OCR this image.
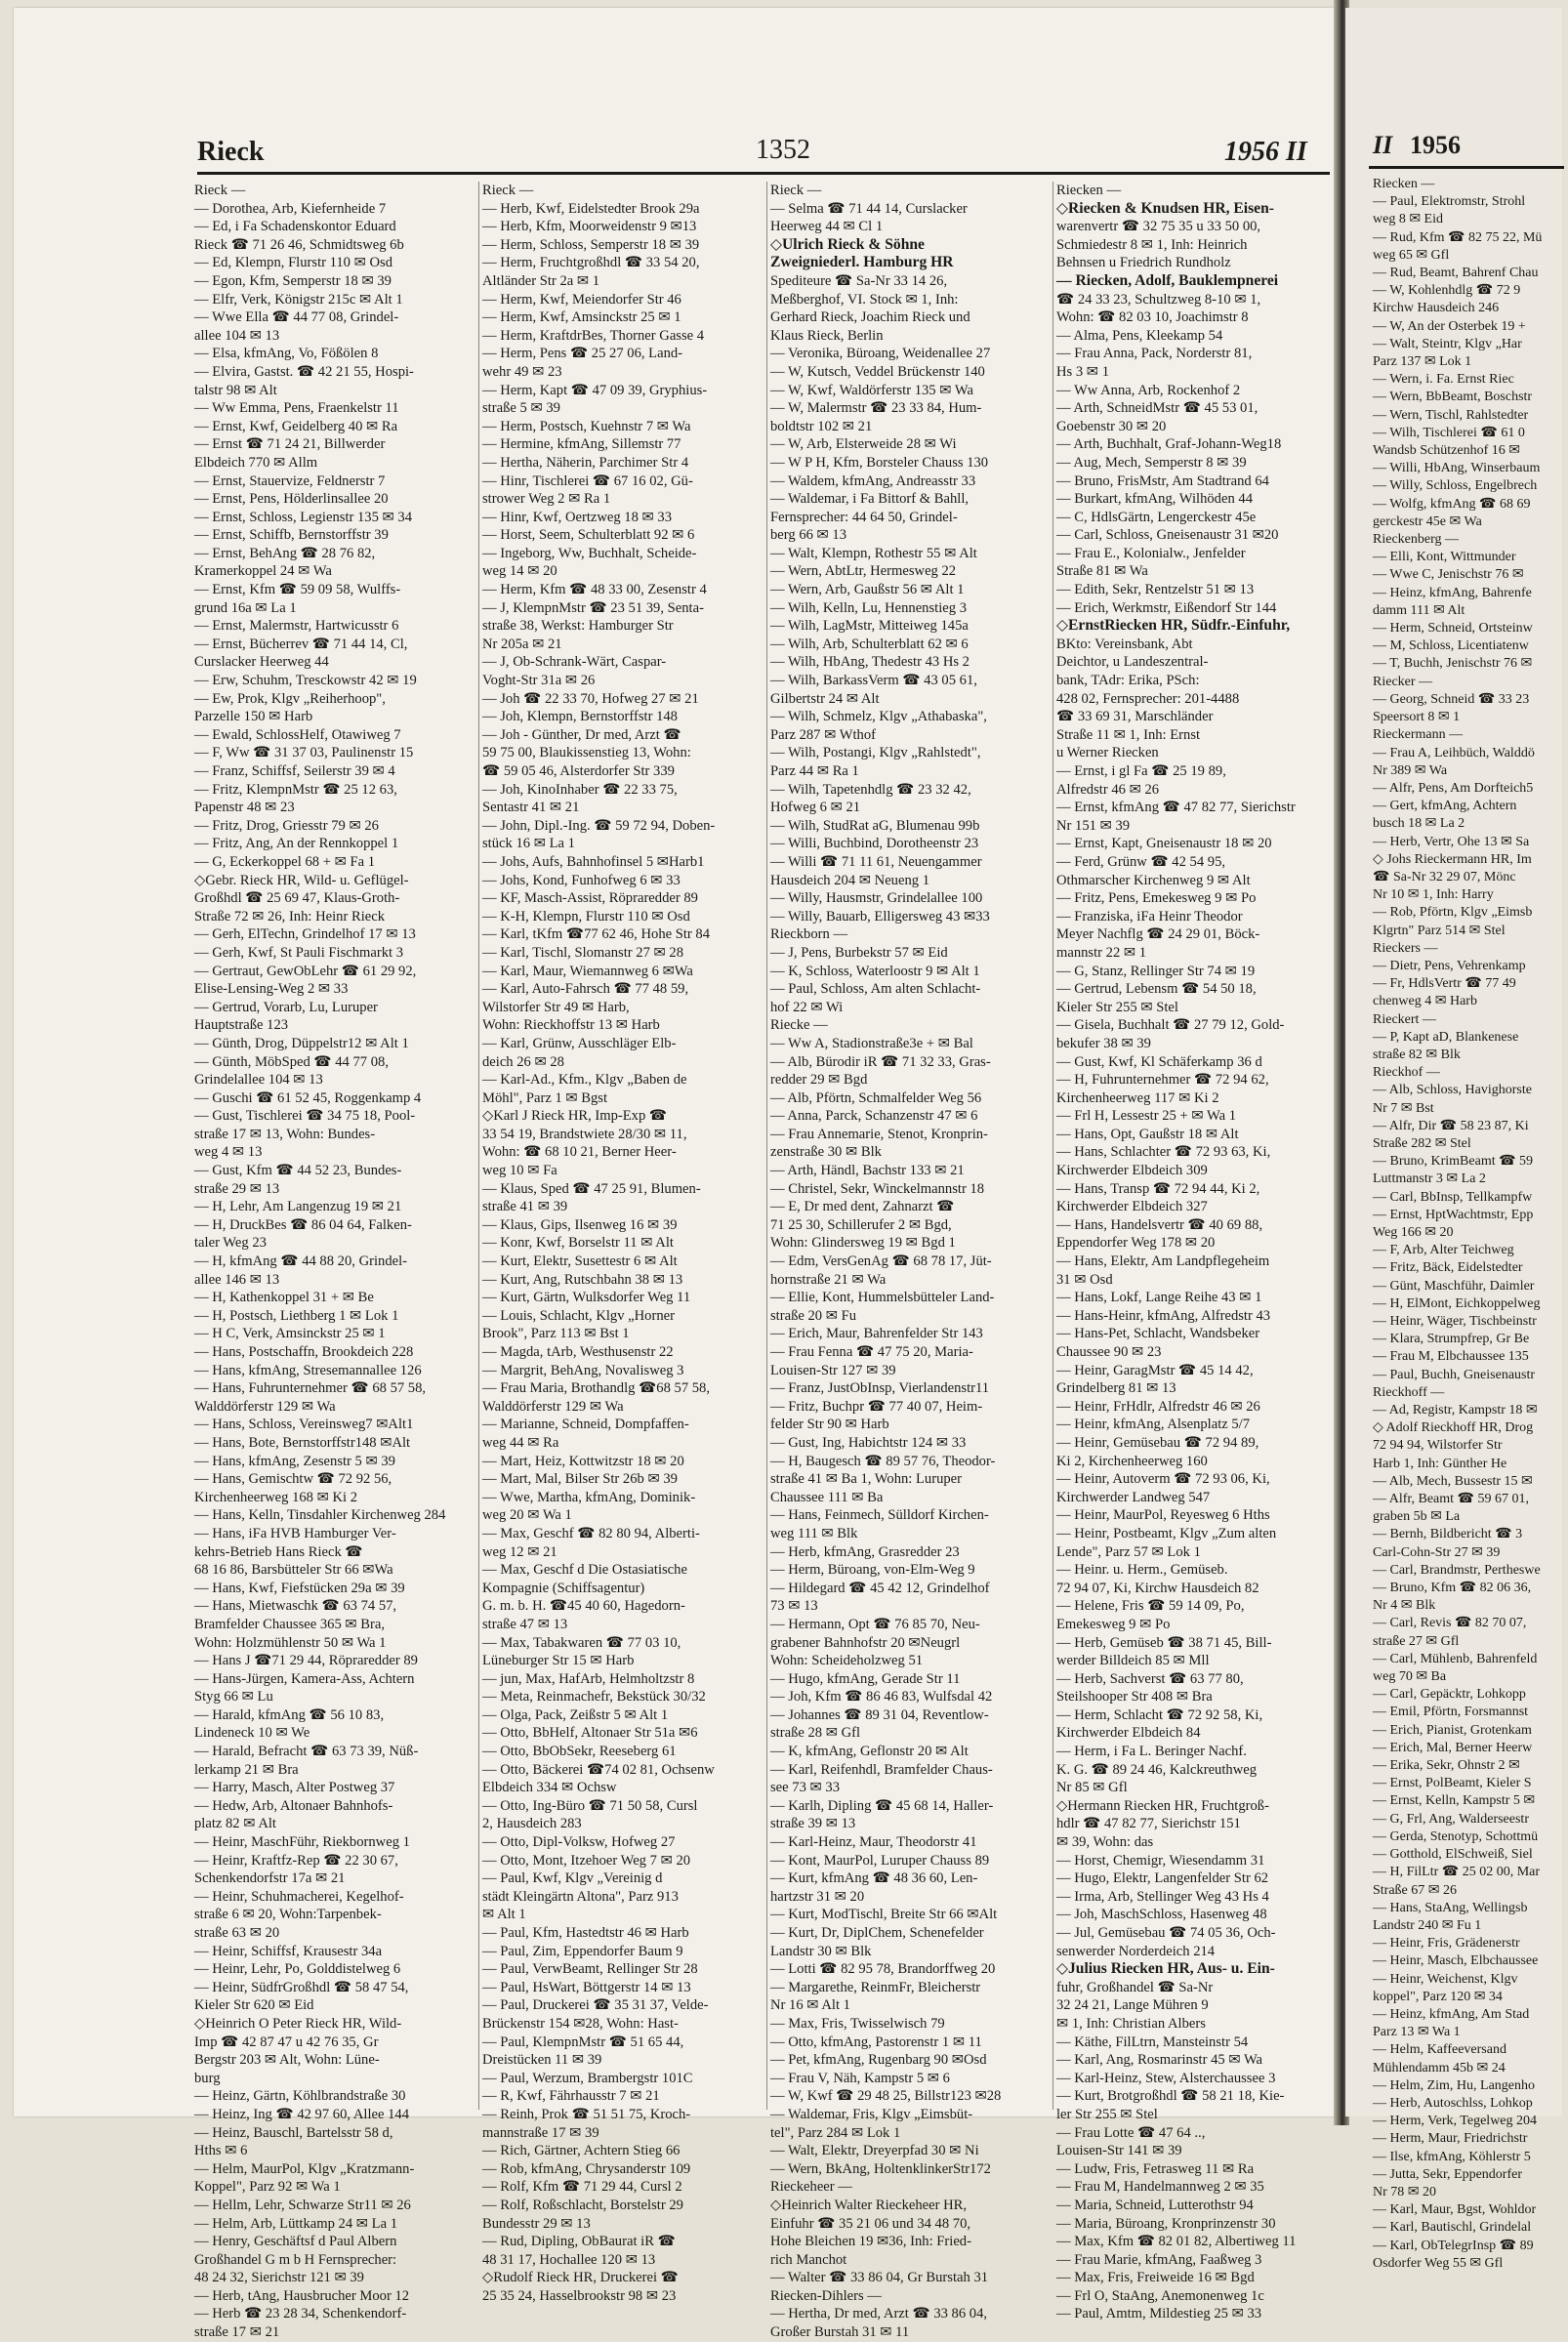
Rieck	1352	1956 II
Rieck —
— Dorothea, Arb, Kiefernheide 7
— Ed, i Fa Schadenskontor Eduard
Rieck ☎ 71 26 46, Schmidtsweg 6b
— Ed, Klempn, Flurstr 110 ✉ Osd
— Egon, Kfm, Semperstr 18 ✉ 39
— Elfr, Verk, Königstr 215c ✉ Alt 1
— Wwe Ella ☎ 44 77 08, Grindel-
allee 104 ✉ 13
— Elsa, kfmAng, Vo, Fößölen 8
— Elvira, Gastst. ☎ 42 21 55, Hospi-
talstr 98 ✉ Alt
— Ww Emma, Pens, Fraenkelstr 11
— Ernst, Kwf, Geidelberg 40 ✉ Ra
— Ernst ☎ 71 24 21, Billwerder
Elbdeich 770 ✉ Allm
— Ernst, Stauervize, Feldnerstr 7
— Ernst, Pens, Hölderlinsallee 20
— Ernst, Schloss, Legienstr 135 ✉ 34
— Ernst, Schiffb, Bernstorffstr 39
— Ernst, BehAng ☎ 28 76 82,
Kramerkoppel 24 ✉ Wa
— Ernst, Kfm ☎ 59 09 58, Wulffs-
grund 16a ✉ La 1
— Ernst, Malermstr, Hartwicusstr 6
— Ernst, Bücherrev ☎ 71 44 14, Cl,
Curslacker Heerweg 44
— Erw, Schuhm, Tresckowstr 42 ✉ 19
— Ew, Prok, Klgv „Reiherhoop",
Parzelle 150 ✉ Harb
— Ewald, SchlossHelf, Otawiweg 7
— F, Ww ☎ 31 37 03, Paulinenstr 15
— Franz, Schiffsf, Seilerstr 39 ✉ 4
— Fritz, KlempnMstr ☎ 25 12 63,
Papenstr 48 ✉ 23
— Fritz, Drog, Griesstr 79 ✉ 26
— Fritz, Ang, An der Rennkoppel 1
— G, Eckerkoppel 68 + ✉ Fa 1
◇ Gebr. Rieck HR, Wild- u. Geflügel-
Großhdl ☎ 25 69 47, Klaus-Groth-
Straße 72 ✉ 26, Inh: Heinr Rieck
— Gerh, ElTechn, Grindelhof 17 ✉ 13
— Gerh, Kwf, St Pauli Fischmarkt 3
— Gertraut, GewObLehr ☎ 61 29 92,
Elise-Lensing-Weg 2 ✉ 33
— Gertrud, Vorarb, Lu, Luruper
Hauptstraße 123
— Günth, Drog, Düppelstr12 ✉ Alt 1
— Günth, MöbSped ☎ 44 77 08,
Grindelallee 104 ✉ 13
— Guschi ☎ 61 52 45, Roggenkamp 4
— Gust, Tischlerei ☎ 34 75 18, Pool-
straße 17 ✉ 13, Wohn: Bundes-
weg 4 ✉ 13
— Gust, Kfm ☎ 44 52 23, Bundes-
straße 29 ✉ 13
— H, Lehr, Am Langenzug 19 ✉ 21
— H, DruckBes ☎ 86 04 64, Falken-
taler Weg 23
— H, kfmAng ☎ 44 88 20, Grindel-
allee 146 ✉ 13
— H, Kathenkoppel 31 + ✉ Be
— H, Postsch, Liethberg 1 ✉ Lok 1
— H C, Verk, Amsinckstr 25 ✉ 1
— Hans, Postschaffn, Brookdeich 228
— Hans, kfmAng, Stresemannallee 126
— Hans, Fuhrunternehmer ☎ 68 57 58,
Walddörferstr 129 ✉ Wa
— Hans, Schloss, Vereinsweg7 ✉Alt1
— Hans, Bote, Bernstorffstr148 ✉Alt
— Hans, kfmAng, Zesenstr 5 ✉ 39
— Hans, Gemischtw ☎ 72 92 56,
Kirchenheerweg 168 ✉ Ki 2
— Hans, Kelln, Tinsdahler Kirchenweg 284
— Hans, iFa HVB Hamburger Ver-
kehrs-Betrieb Hans Rieck ☎
68 16 86, Barsbütteler Str 66 ✉Wa
— Hans, Kwf, Fiefstücken 29a ✉ 39
— Hans, Mietwaschk ☎ 63 74 57,
Bramfelder Chaussee 365 ✉ Bra,
Wohn: Holzmühlenstr 50 ✉ Wa 1
— Hans J ☎71 29 44, Röpraredder 89
— Hans-Jürgen, Kamera-Ass, Achtern
Styg 66 ✉ Lu
— Harald, kfmAng ☎ 56 10 83,
Lindeneck 10 ✉ We
— Harald, Befracht ☎ 63 73 39, Nüß-
lerkamp 21 ✉ Bra
— Harry, Masch, Alter Postweg 37
— Hedw, Arb, Altonaer Bahnhofs-
platz 82 ✉ Alt
— Heinr, MaschFühr, Riekbornweg 1
— Heinr, Kraftfz-Rep ☎ 22 30 67,
Schenkendorfstr 17a ✉ 21
— Heinr, Schuhmacherei, Kegelhof-
straße 6 ✉ 20, Wohn:Tarpenbek-
straße 63 ✉ 20
— Heinr, Schiffsf, Krausestr 34a
— Heinr, Lehr, Po, Golddistelweg 6
— Heinr, SüdfrGroßhdl ☎ 58 47 54,
Kieler Str 620 ✉ Eid
◇ Heinrich O Peter Rieck HR, Wild-
Imp ☎ 42 87 47 u 42 76 35, Gr
Bergstr 203 ✉ Alt, Wohn: Lüne-
burg
— Heinz, Gärtn, Köhlbrandstraße 30
— Heinz, Ing ☎ 42 97 60, Allee 144
— Heinz, Bauschl, Bartelsstr 58 d,
Hths ✉ 6
— Helm, MaurPol, Klgv „Kratzmann-
Koppel", Parz 92 ✉ Wa 1
— Hellm, Lehr, Schwarze Str11 ✉ 26
— Helm, Arb, Lüttkamp 24 ✉ La 1
— Henry, Geschäftsf d Paul Albern
Großhandel G m b H Fernsprecher:
48 24 32, Sierichstr 121 ✉ 39
— Herb, tAng, Hausbrucher Moor 12
— Herb ☎ 23 28 34, Schenkendorf-
straße 17 ✉ 21
Rieck —
— Herb, Kwf, Eidelstedter Brook 29a
— Herb, Kfm, Moorweidenstr 9 ✉13
— Herm, Schloss, Semperstr 18 ✉ 39
— Herm, Fruchtgroßhdl ☎ 33 54 20,
Altländer Str 2a ✉ 1
— Herm, Kwf, Meiendorfer Str 46
— Herm, Kwf, Amsinckstr 25 ✉ 1
— Herm, KraftdrBes, Thorner Gasse 4
— Herm, Pens ☎ 25 27 06, Land-
wehr 49 ✉ 23
— Herm, Kapt ☎ 47 09 39, Gryphius-
straße 5 ✉ 39
— Herm, Postsch, Kuehnstr 7 ✉ Wa
— Hermine, kfmAng, Sillemstr 77
— Hertha, Näherin, Parchimer Str 4
— Hinr, Tischlerei ☎ 67 16 02, Gü-
strower Weg 2 ✉ Ra 1
— Hinr, Kwf, Oertzweg 18 ✉ 33
— Horst, Seem, Schulterblatt 92 ✉ 6
— Ingeborg, Ww, Buchhalt, Scheide-
weg 14 ✉ 20
— Herm, Kfm ☎ 48 33 00, Zesenstr 4
— J, KlempnMstr ☎ 23 51 39, Senta-
straße 38, Werkst: Hamburger Str
Nr 205a ✉ 21
— J, Ob-Schrank-Wärt, Caspar-
Voght-Str 31a ✉ 26
— Joh ☎ 22 33 70, Hofweg 27 ✉ 21
— Joh, Klempn, Bernstorffstr 148
— Joh - Günther, Dr med, Arzt ☎
59 75 00, Blaukissenstieg 13, Wohn:
☎ 59 05 46, Alsterdorfer Str 339
— Joh, KinoInhaber ☎ 22 33 75,
Sentastr 41 ✉ 21
— John, Dipl.-Ing. ☎ 59 72 94, Doben-
stück 16 ✉ La 1
— Johs, Aufs, Bahnhofinsel 5 ✉Harb1
— Johs, Kond, Funhofweg 6 ✉ 33
— KF, Masch-Assist, Röpraredder 89
— K-H, Klempn, Flurstr 110 ✉ Osd
— Karl, tKfm ☎77 62 46, Hohe Str 84
— Karl, Tischl, Slomanstr 27 ✉ 28
— Karl, Maur, Wiemannweg 6 ✉Wa
— Karl, Auto-Fahrsch ☎ 77 48 59,
Wilstorfer Str 49 ✉ Harb,
Wohn: Rieckhoffstr 13 ✉ Harb
— Karl, Grünw, Ausschläger Elb-
deich 26 ✉ 28
— Karl-Ad., Kfm., Klgv „Baben de
Möhl", Parz 1 ✉ Bgst
◇ Karl J Rieck HR, Imp-Exp ☎
33 54 19, Brandstwiete 28/30 ✉ 11,
Wohn: ☎ 68 10 21, Berner Heer-
weg 10 ✉ Fa
— Klaus, Sped ☎ 47 25 91, Blumen-
straße 41 ✉ 39
— Klaus, Gips, Ilsenweg 16 ✉ 39
— Konr, Kwf, Borselstr 11 ✉ Alt
— Kurt, Elektr, Susettestr 6 ✉ Alt
— Kurt, Ang, Rutschbahn 38 ✉ 13
— Kurt, Gärtn, Wulksdorfer Weg 11
— Louis, Schlacht, Klgv „Horner
Brook", Parz 113 ✉ Bst 1
— Magda, tArb, Westhusenstr 22
— Margrit, BehAng, Novalisweg 3
— Frau Maria, Brothandlg ☎68 57 58,
Walddörferstr 129 ✉ Wa
— Marianne, Schneid, Dompfaffen-
weg 44 ✉ Ra
— Mart, Heiz, Kottwitzstr 18 ✉ 20
— Mart, Mal, Bilser Str 26b ✉ 39
— Wwe, Martha, kfmAng, Dominik-
weg 20 ✉ Wa 1
— Max, Geschf ☎ 82 80 94, Alberti-
weg 12 ✉ 21
— Max, Geschf d Die Ostasiatische
Kompagnie (Schiffsagentur)
G. m. b. H. ☎45 40 60, Hagedorn-
straße 47 ✉ 13
— Max, Tabakwaren ☎ 77 03 10,
Lüneburger Str 15 ✉ Harb
— jun, Max, HafArb, Helmholtzstr 8
— Meta, Reinmachefr, Bekstück 30/32
— Olga, Pack, Zeißstr 5 ✉ Alt 1
— Otto, BbHelf, Altonaer Str 51a ✉6
— Otto, BbObSekr, Reeseberg 61
— Otto, Bäckerei ☎74 02 81, Ochsenw
Elbdeich 334 ✉ Ochsw
— Otto, Ing-Büro ☎ 71 50 58, Cursl
2, Hausdeich 283
— Otto, Dipl-Volksw, Hofweg 27
— Otto, Mont, Itzehoer Weg 7 ✉ 20
— Paul, Kwf, Klgv „Vereinig d
städt Kleingärtn Altona", Parz 913
✉ Alt 1
— Paul, Kfm, Hastedtstr 46 ✉ Harb
— Paul, Zim, Eppendorfer Baum 9
— Paul, VerwBeamt, Rellinger Str 28
— Paul, HsWart, Böttgerstr 14 ✉ 13
— Paul, Druckerei ☎ 35 31 37, Velde-
Brückenstr 154 ✉28, Wohn: Hast-
— Paul, KlempnMstr ☎ 51 65 44,
Dreistücken 11 ✉ 39
— Paul, Werzum, Brambergstr 101C
— R, Kwf, Fährhausstr 7 ✉ 21
— Reinh, Prok ☎ 51 51 75, Kroch-
mannstraße 17 ✉ 39
— Rich, Gärtner, Achtern Stieg 66
— Rob, kfmAng, Chrysanderstr 109
— Rolf, Kfm ☎ 71 29 44, Cursl 2
— Rolf, Roßschlacht, Borstelstr 29
Bundesstr 29 ✉ 13
— Rud, Dipling, ObBaurat iR ☎
48 31 17, Hochallee 120 ✉ 13
◇ Rudolf Rieck HR, Druckerei ☎
25 35 24, Hasselbrookstr 98 ✉ 23
Rieck —
— Selma ☎ 71 44 14, Curslacker
Heerweg 44 ✉ Cl 1
◇ Ulrich Rieck & Söhne
Zweigniederl. Hamburg HR
Spediteure ☎ Sa-Nr 33 14 26,
Meßberghof, VI. Stock ✉ 1, Inh:
Gerhard Rieck, Joachim Rieck und
Klaus Rieck, Berlin
— Veronika, Büroang, Weidenallee 27
— W, Kutsch, Veddel Brückenstr 140
— W, Kwf, Waldörferstr 135 ✉ Wa
— W, Malermstr ☎ 23 33 84, Hum-
boldtstr 102 ✉ 21
— W, Arb, Elsterweide 28 ✉ Wi
— W P H, Kfm, Borsteler Chauss 130
— Waldem, kfmAng, Andreasstr 33
— Waldemar, i Fa Bittorf & Bahll,
Fernsprecher: 44 64 50, Grindel-
berg 66 ✉ 13
— Walt, Klempn, Rothestr 55 ✉ Alt
— Wern, AbtLtr, Hermesweg 22
— Wern, Arb, Gaußstr 56 ✉ Alt 1
— Wilh, Kelln, Lu, Hennenstieg 3
— Wilh, LagMstr, Mitteiweg 145a
— Wilh, Arb, Schulterblatt 62 ✉ 6
— Wilh, HbAng, Thedestr 43 Hs 2
— Wilh, BarkassVerm ☎ 43 05 61,
Gilbertstr 24 ✉ Alt
— Wilh, Schmelz, Klgv „Athabaska",
Parz 287 ✉ Wthof
— Wilh, Postangi, Klgv „Rahlstedt",
Parz 44 ✉ Ra 1
— Wilh, Tapetenhdlg ☎ 23 32 42,
Hofweg 6 ✉ 21
— Wilh, StudRat aG, Blumenau 99b
— Willi, Buchbind, Dorotheenstr 23
— Willi ☎ 71 11 61, Neuengammer
Hausdeich 204 ✉ Neueng 1
— Willy, Hausmstr, Grindelallee 100
— Willy, Bauarb, Elligersweg 43 ✉33
Rieckborn —
— J, Pens, Burbekstr 57 ✉ Eid
— K, Schloss, Waterloostr 9 ✉ Alt 1
— Paul, Schloss, Am alten Schlacht-
hof 22 ✉ Wi
Riecke —
— Ww A, Stadionstraße3e + ✉ Bal
— Alb, Bürodir iR ☎ 71 32 33, Gras-
redder 29 ✉ Bgd
— Alb, Pförtn, Schmalfelder Weg 56
— Anna, Parck, Schanzenstr 47 ✉ 6
— Frau Annemarie, Stenot, Kronprin-
zenstraße 30 ✉ Blk
— Arth, Händl, Bachstr 133 ✉ 21
— Christel, Sekr, Winckelmannstr 18
— E, Dr med dent, Zahnarzt ☎
71 25 30, Schillerufer 2 ✉ Bgd,
Wohn: Glindersweg 19 ✉ Bgd 1
— Edm, VersGenAg ☎ 68 78 17, Jüt-
hornstraße 21 ✉ Wa
— Ellie, Kont, Hummelsbütteler Land-
straße 20 ✉ Fu
— Erich, Maur, Bahrenfelder Str 143
— Frau Fenna ☎ 47 75 20, Maria-
Louisen-Str 127 ✉ 39
— Franz, JustObInsp, Vierlandenstr11
— Fritz, Buchpr ☎ 77 40 07, Heim-
felder Str 90 ✉ Harb
— Gust, Ing, Habichtstr 124 ✉ 33
— H, Baugesch ☎ 89 57 76, Theodor-
straße 41 ✉ Ba 1, Wohn: Luruper
Chaussee 111 ✉ Ba
— Hans, Feinmech, Sülldorf Kirchen-
weg 111 ✉ Blk
— Herb, kfmAng, Grasredder 23
— Herm, Büroang, von-Elm-Weg 9
— Hildegard ☎ 45 42 12, Grindelhof
73 ✉ 13
— Hermann, Opt ☎ 76 85 70, Neu-
grabener Bahnhofstr 20 ✉Neugrl
Wohn: Scheideholzweg 51
— Hugo, kfmAng, Gerade Str 11
— Joh, Kfm ☎ 86 46 83, Wulfsdal 42
— Johannes ☎ 89 31 04, Reventlow-
straße 28 ✉ Gfl
— K, kfmAng, Geflonstr 20 ✉ Alt
— Karl, Reifenhdl, Bramfelder Chaus-
see 73 ✉ 33
— Karlh, Dipling ☎ 45 68 14, Haller-
straße 39 ✉ 13
— Karl-Heinz, Maur, Theodorstr 41
— Kont, MaurPol, Luruper Chauss 89
— Kurt, kfmAng ☎ 48 36 60, Len-
hartzstr 31 ✉ 20
— Kurt, ModTischl, Breite Str 66 ✉Alt
— Kurt, Dr, DiplChem, Schenefelder
Landstr 30 ✉ Blk
— Lotti ☎ 82 95 78, Brandorffweg 20
— Margarethe, ReinmFr, Bleicherstr
Nr 16 ✉ Alt 1
— Max, Fris, Twisselwisch 79
— Otto, kfmAng, Pastorenstr 1 ✉ 11
— Pet, kfmAng, Rugenbarg 90 ✉Osd
— Frau V, Näh, Kampstr 5 ✉ 6
— W, Kwf ☎ 29 48 25, Billstr123 ✉28
— Waldemar, Fris, Klgv „Eimsbüt-
tel", Parz 284 ✉ Lok 1
— Walt, Elektr, Dreyerpfad 30 ✉ Ni
— Wern, BkAng, HoltenklinkerStr172
Rieckeheer —
◇ Heinrich Walter Rieckeheer HR,
Einfuhr ☎ 35 21 06 und 34 48 70,
Hohe Bleichen 19 ✉36, Inh: Fried-
rich Manchot
— Walter ☎ 33 86 04, Gr Burstah 31
Riecken-Dihlers —
— Hertha, Dr med, Arzt ☎ 33 86 04,
Großer Burstah 31 ✉ 11
Riecken —
◇ Riecken & Knudsen HR, Eisen-
warenvertr ☎ 32 75 35 u 33 50 00,
Schmiedestr 8 ✉ 1, Inh: Heinrich
Behnsen u Friedrich Rundholz
— Riecken, Adolf, Bauklempnerei
☎ 24 33 23, Schultzweg 8-10 ✉ 1,
Wohn: ☎ 82 03 10, Joachimstr 8
— Alma, Pens, Kleekamp 54
— Frau Anna, Pack, Norderstr 81,
Hs 3 ✉ 1
— Ww Anna, Arb, Rockenhof 2
— Arth, SchneidMstr ☎ 45 53 01,
Goebenstr 30 ✉ 20
— Arth, Buchhalt, Graf-Johann-Weg18
— Aug, Mech, Semperstr 8 ✉ 39
— Bruno, FrisMstr, Am Stadtrand 64
— Burkart, kfmAng, Wilhöden 44
— C, HdlsGärtn, Lengerckestr 45e
— Carl, Schloss, Gneisenaustr 31 ✉20
— Frau E., Kolonialw., Jenfelder
Straße 81 ✉ Wa
— Edith, Sekr, Rentzelstr 51 ✉ 13
— Erich, Werkmstr, Eißendorf Str 144
◇ ErnstRiecken HR, Südfr.-Einfuhr,
BKto: Vereinsbank, Abt
Deichtor, u Landeszentral-
bank, TAdr: Erika, PSch:
428 02, Fernsprecher: 201-4488
☎ 33 69 31, Marschländer
Straße 11 ✉ 1, Inh: Ernst
u Werner Riecken
— Ernst, i gl Fa ☎ 25 19 89,
Alfredstr 46 ✉ 26
— Ernst, kfmAng ☎ 47 82 77, Sierichstr
Nr 151 ✉ 39
— Ernst, Kapt, Gneisenaustr 18 ✉ 20
— Ferd, Grünw ☎ 42 54 95,
Othmarscher Kirchenweg 9 ✉ Alt
— Fritz, Pens, Emekesweg 9 ✉ Po
— Franziska, iFa Heinr Theodor
Meyer Nachflg ☎ 24 29 01, Böck-
mannstr 22 ✉ 1
— G, Stanz, Rellinger Str 74 ✉ 19
— Gertrud, Lebensm ☎ 54 50 18,
Kieler Str 255 ✉ Stel
— Gisela, Buchhalt ☎ 27 79 12, Gold-
bekufer 38 ✉ 39
— Gust, Kwf, Kl Schäferkamp 36 d
— H, Fuhrunternehmer ☎ 72 94 62,
Kirchenheerweg 117 ✉ Ki 2
— Frl H, Lessestr 25 + ✉ Wa 1
— Hans, Opt, Gaußstr 18 ✉ Alt
— Hans, Schlachter ☎ 72 93 63, Ki,
Kirchwerder Elbdeich 309
— Hans, Transp ☎ 72 94 44, Ki 2,
Kirchwerder Elbdeich 327
— Hans, Handelsvertr ☎ 40 69 88,
Eppendorfer Weg 178 ✉ 20
— Hans, Elektr, Am Landpflegeheim
31 ✉ Osd
— Hans, Lokf, Lange Reihe 43 ✉ 1
— Hans-Heinr, kfmAng, Alfredstr 43
— Hans-Pet, Schlacht, Wandsbeker
Chaussee 90 ✉ 23
— Heinr, GaragMstr ☎ 45 14 42,
Grindelberg 81 ✉ 13
— Heinr, FrHdlr, Alfredstr 46 ✉ 26
— Heinr, kfmAng, Alsenplatz 5/7
— Heinr, Gemüsebau ☎ 72 94 89,
Ki 2, Kirchenheerweg 160
— Heinr, Autoverm ☎ 72 93 06, Ki,
Kirchwerder Landweg 547
— Heinr, MaurPol, Reyesweg 6 Hths
— Heinr, Postbeamt, Klgv „Zum alten
Lende", Parz 57 ✉ Lok 1
— Heinr. u. Herm., Gemüseb.
72 94 07, Ki, Kirchw Hausdeich 82
— Helene, Fris ☎ 59 14 09, Po,
Emekesweg 9 ✉ Po
— Herb, Gemüseb ☎ 38 71 45, Bill-
werder Billdeich 85 ✉ Mll
— Herb, Sachverst ☎ 63 77 80,
Steilshooper Str 408 ✉ Bra
— Herm, Schlacht ☎ 72 92 58, Ki,
Kirchwerder Elbdeich 84
— Herm, i Fa L. Beringer Nachf.
K. G. ☎ 89 24 46, Kalckreuthweg
Nr 85 ✉ Gfl
◇ Hermann Riecken HR, Fruchtgroß-
hdlr ☎ 47 82 77, Sierichstr 151
✉ 39, Wohn: das
— Horst, Chemigr, Wiesendamm 31
— Hugo, Elektr, Langenfelder Str 62
— Irma, Arb, Stellinger Weg 43 Hs 4
— Joh, MaschSchloss, Hasenweg 48
— Jul, Gemüsebau ☎ 74 05 36, Och-
senwerder Norderdeich 214
◇ Julius Riecken HR, Aus- u. Ein-
fuhr, Großhandel ☎ Sa-Nr
32 24 21, Lange Mühren 9
✉ 1, Inh: Christian Albers
— Käthe, FilLtrn, Mansteinstr 54
— Karl, Ang, Rosmarinstr 45 ✉ Wa
— Karl-Heinz, Stew, Alsterchaussee 3
— Kurt, Brotgroßhdl ☎ 58 21 18, Kie-
ler Str 255 ✉ Stel
— Frau Lotte ☎ 47 64 ..,
Louisen-Str 141 ✉ 39
— Ludw, Fris, Fetrasweg 11 ✉ Ra
— Frau M, Handelmannweg 2 ✉ 35
— Maria, Schneid, Lutterothstr 94
— Maria, Büroang, Kronprinzenstr 30
— Max, Kfm ☎ 82 01 82, Albertiweg 11
— Frau Marie, kfmAng, Faaßweg 3
— Max, Fris, Freiweide 16 ✉ Bgd
— Frl O, StaAng, Anemonenweg 1c
— Paul, Amtm, Mildestieg 25 ✉ 33
II 1956
Riecken —
— Paul, Elektromstr, Strohl
weg 8 ✉ Eid
— Rud, Kfm ☎ 82 75 22, Mü
weg 65 ✉ Gfl
— Rud, Beamt, Bahrenf Chau
— W, Kohlenhdlg ☎ 72 9
Kirchw Hausdeich 246
— W, An der Osterbek 19 +
— Walt, Steintr, Klgv „Har
Parz 137 ✉ Lok 1
— Wern, i. Fa. Ernst Riec
— Wern, BbBeamt, Boschstr
— Wern, Tischl, Rahlstedter
— Wilh, Tischlerei ☎ 61 0
Wandsb Schützenhof 16 ✉
— Willi, HbAng, Winserbaum
— Willy, Schloss, Engelbrech
— Wolfg, kfmAng ☎ 68 69
gerckestr 45e ✉ Wa
Rieckenberg —
— Elli, Kont, Wittmunder
— Wwe C, Jenischstr 76 ✉
— Heinz, kfmAng, Bahrenfe
damm 111 ✉ Alt
— Herm, Schneid, Ortsteinw
— M, Schloss, Licentiatenw
— T, Buchh, Jenischstr 76 ✉
Riecker —
— Georg, Schneid ☎ 33 23
Speersort 8 ✉ 1
Rieckermann —
— Frau A, Leihbüch, Walddö
Nr 389 ✉ Wa
— Alfr, Pens, Am Dorfteich5
— Gert, kfmAng, Achtern
busch 18 ✉ La 2
— Herb, Vertr, Ohe 13 ✉ Sa
◇ Johs Rieckermann HR, Im
☎ Sa-Nr 32 29 07, Mönc
Nr 10 ✉ 1, Inh: Harry
— Rob, Pförtn, Klgv „Eimsb
Klgrtn" Parz 514 ✉ Stel
Rieckers —
— Dietr, Pens, Vehrenkamp
— Fr, HdlsVertr ☎ 77 49
chenweg 4 ✉ Harb
Rieckert —
— P, Kapt aD, Blankenese
straße 82 ✉ Blk
Rieckhof —
— Alb, Schloss, Havighorste
Nr 7 ✉ Bst
— Alfr, Dir ☎ 58 23 87, Ki
Straße 282 ✉ Stel
— Bruno, KrimBeamt ☎ 59
Luttmanstr 3 ✉ La 2
— Carl, BbInsp, Tellkampfw
— Ernst, HptWachtmstr, Epp
Weg 166 ✉ 20
— F, Arb, Alter Teichweg
— Fritz, Bäck, Eidelstedter
— Günt, Maschführ, Daimler
— H, ElMont, Eichkoppelweg
— Heinr, Wäger, Tischbeinstr
— Klara, Strumpfrep, Gr Be
— Frau M, Elbchaussee 135
— Paul, Buchh, Gneisenaustr
Rieckhoff —
— Ad, Registr, Kampstr 18 ✉
◇ Adolf Rieckhoff HR, Drog
72 94 94, Wilstorfer Str
Harb 1, Inh: Günther He
— Alb, Mech, Bussestr 15 ✉
— Alfr, Beamt ☎ 59 67 01,
graben 5b ✉ La
— Bernh, Bildbericht ☎ 3
Carl-Cohn-Str 27 ✉ 39
— Carl, Brandmstr, Pertheswe
— Bruno, Kfm ☎ 82 06 36,
Nr 4 ✉ Blk
— Carl, Revis ☎ 82 70 07,
straße 27 ✉ Gfl
— Carl, Mühlenb, Bahrenfeld
weg 70 ✉ Ba
— Carl, Gepäcktr, Lohkopp
— Emil, Pförtn, Forsmannst
— Erich, Pianist, Grotenkam
— Erich, Mal, Berner Heerw
— Erika, Sekr, Ohnstr 2 ✉
— Ernst, PolBeamt, Kieler S
— Ernst, Kelln, Kampstr 5 ✉
— G, Frl, Ang, Walderseestr
— Gerda, Stenotyp, Schottmü
— Gotthold, ElSchweiß, Siel
— H, FilLtr ☎ 25 02 00, Mar
Straße 67 ✉ 26
— Hans, StaAng, Wellingsb
Landstr 240 ✉ Fu 1
— Heinr, Fris, Grädenerstr
— Heinr, Masch, Elbchaussee
— Heinr, Weichenst, Klgv
koppel", Parz 120 ✉ 34
— Heinz, kfmAng, Am Stad
Parz 13 ✉ Wa 1
— Helm, Kaffeeversand
Mühlendamm 45b ✉ 24
— Helm, Zim, Hu, Langenho
— Herb, Autoschlss, Lohkop
— Herm, Verk, Tegelweg 204
— Herm, Maur, Friedrichstr
— Ilse, kfmAng, Köhlerstr 5
— Jutta, Sekr, Eppendorfer
Nr 78 ✉ 20
— Karl, Maur, Bgst, Wohldor
— Karl, Bautischl, Grindelal
— Karl, ObTelegrInsp ☎ 89
Osdorfer Weg 55 ✉ Gfl
